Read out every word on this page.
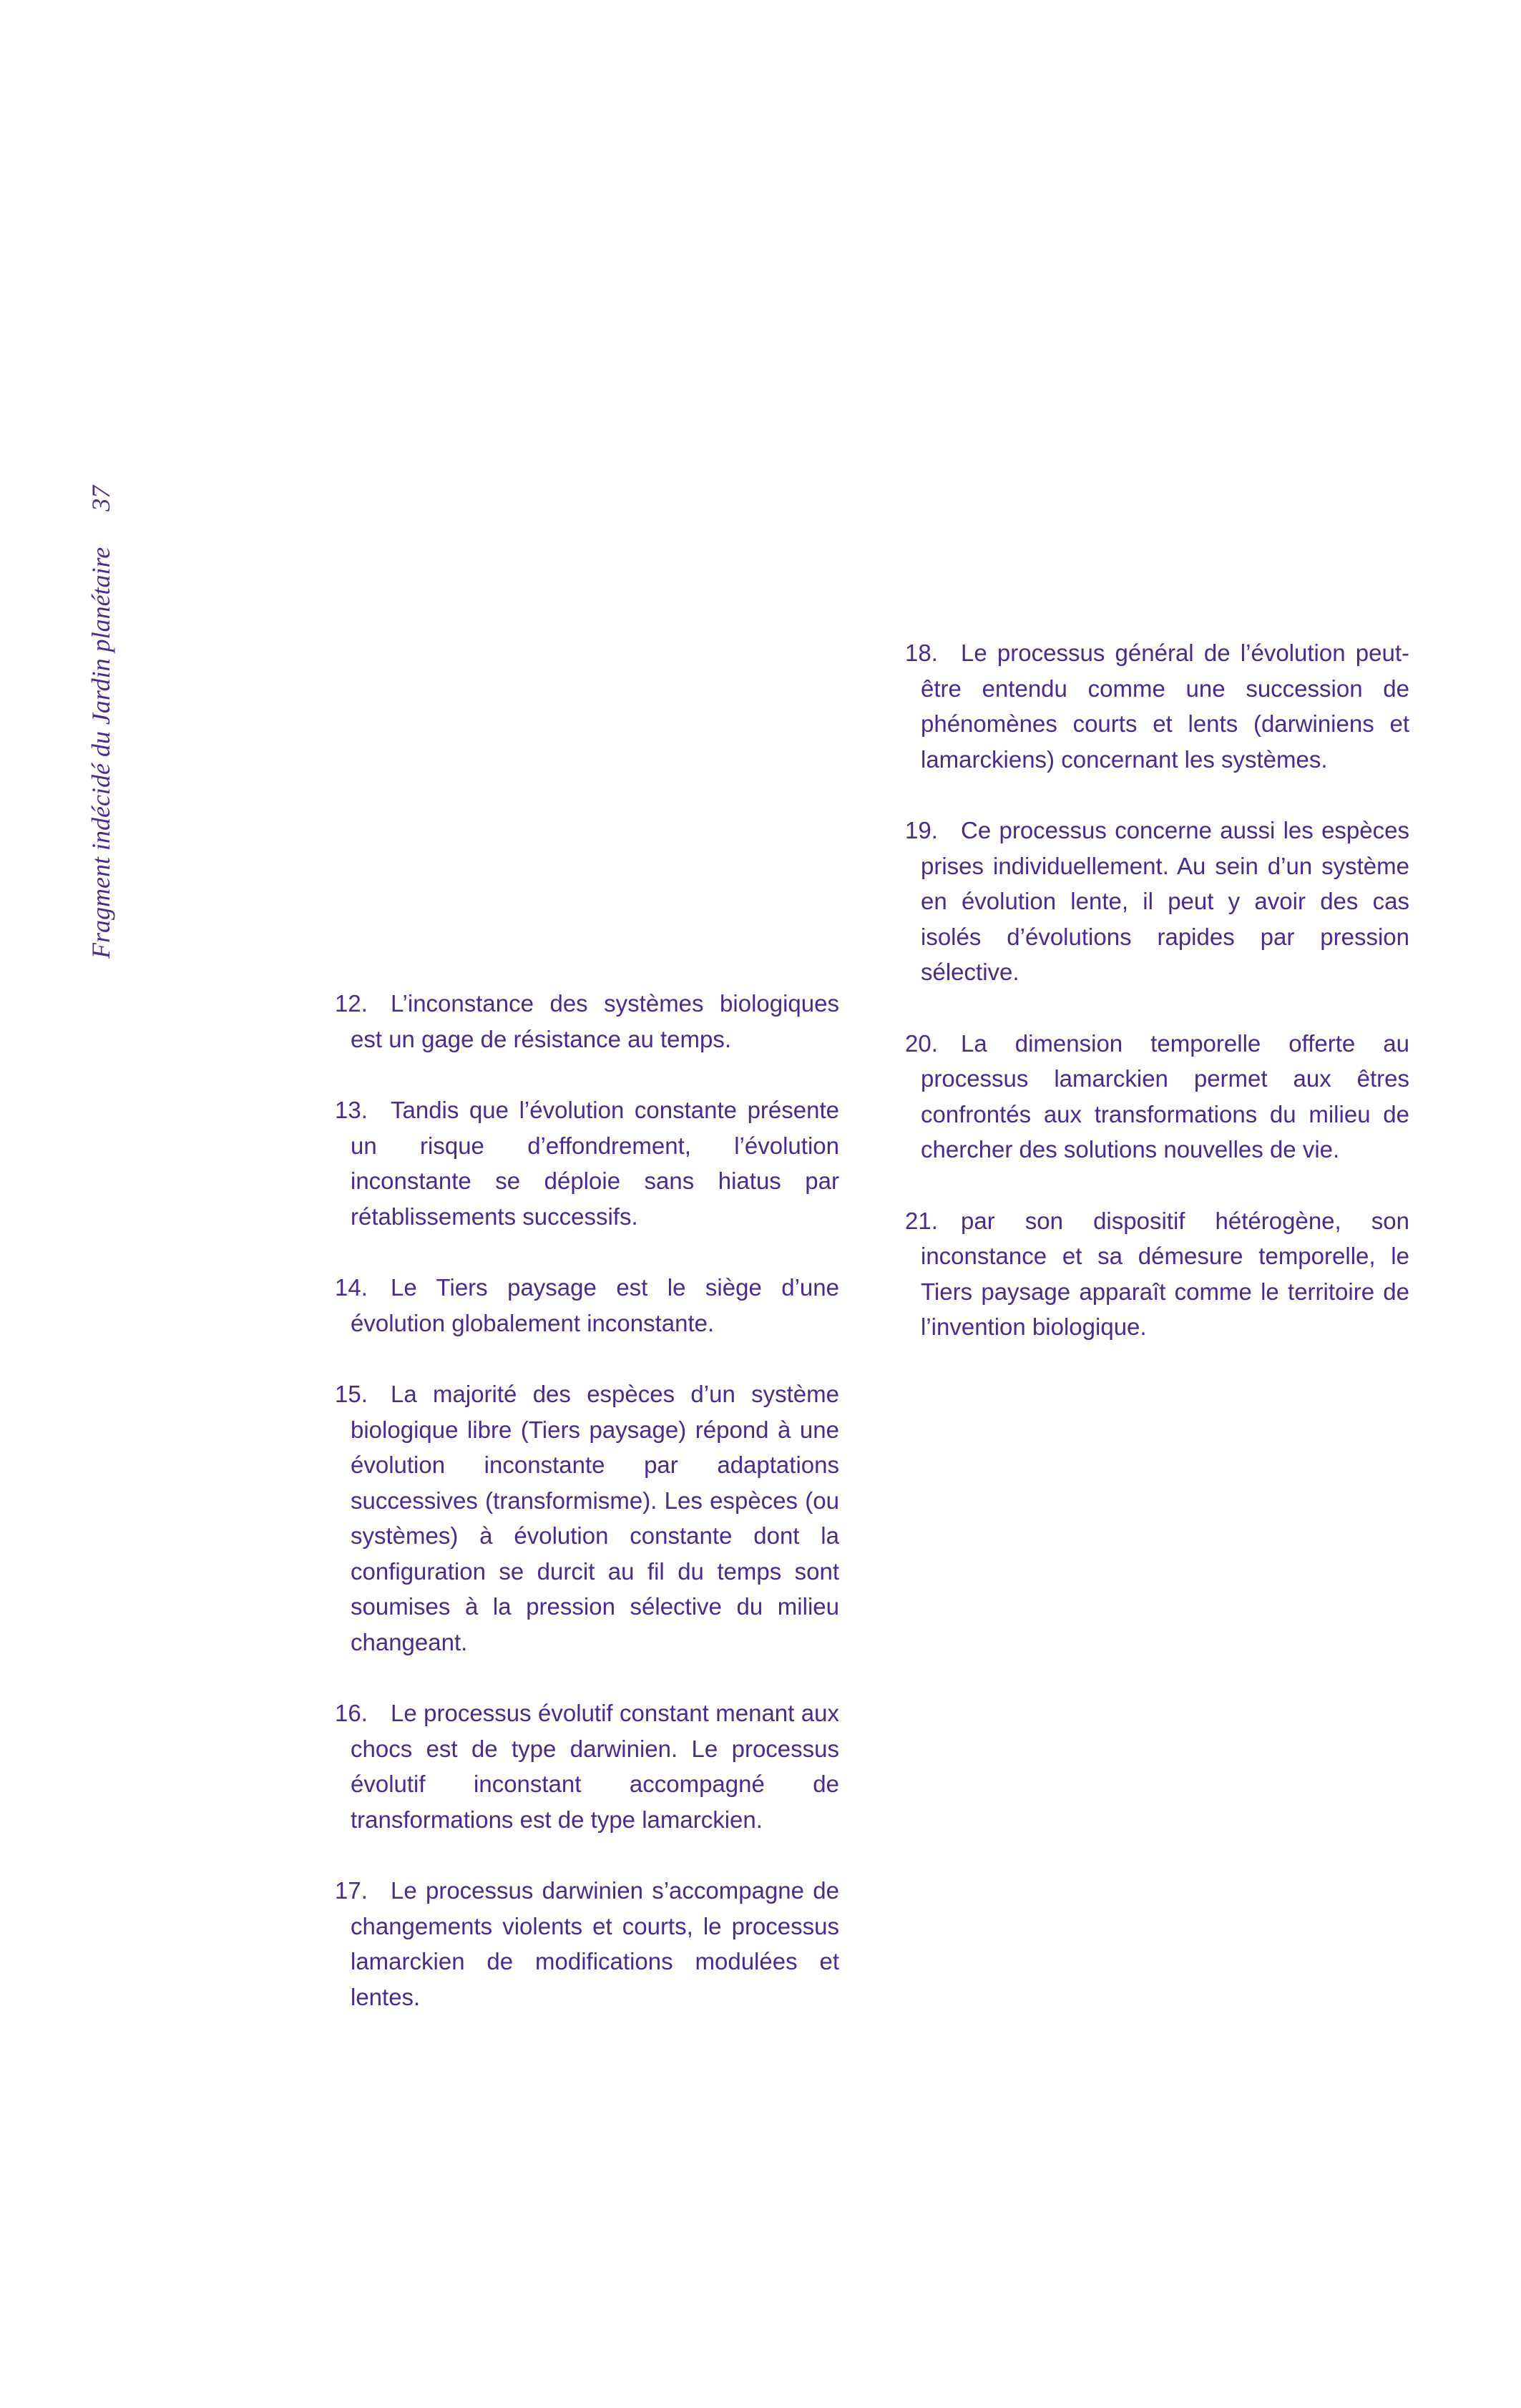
Fragment indécidé du Jardin planétaire37

12. L’inconstance des systèmes biologiques est un gage de résistance au temps.

13. Tandis que l’évolution constante présente un risque d’effondrement, l’évolution inconstante se déploie sans hiatus par rétablissements successifs.

14. Le Tiers paysage est le siège d’une évolution globalement inconstante.

15. La majorité des espèces d’un système biologique libre (Tiers paysage) répond à une évolution inconstante par adaptations successives (transformisme). Les espèces (ou systèmes) à évolution constante dont la configuration se durcit au fil du temps sont soumises à la pression sélective du milieu changeant.

16. Le processus évolutif constant menant aux chocs est de type darwinien. Le processus évolutif inconstant accompagné de transformations est de type lamarckien.

17. Le processus darwinien s’accompagne de changements violents et courts, le processus lamarckien de modifications modulées et lentes.

18. Le processus général de l’évolution peut-être entendu comme une succession de phénomènes courts et lents (darwiniens et lamarckiens) concernant les systèmes.

19. Ce processus concerne aussi les espèces prises individuellement. Au sein d’un système en évolution lente, il peut y avoir des cas isolés d’évolutions rapides par pression sélective.

20. La dimension temporelle offerte au processus lamarckien permet aux êtres confrontés aux transformations du milieu de chercher des solutions nouvelles de vie.

21. par son dispositif hétérogène, son inconstance et sa démesure temporelle, le Tiers paysage apparaît comme le territoire de l’invention biologique.
